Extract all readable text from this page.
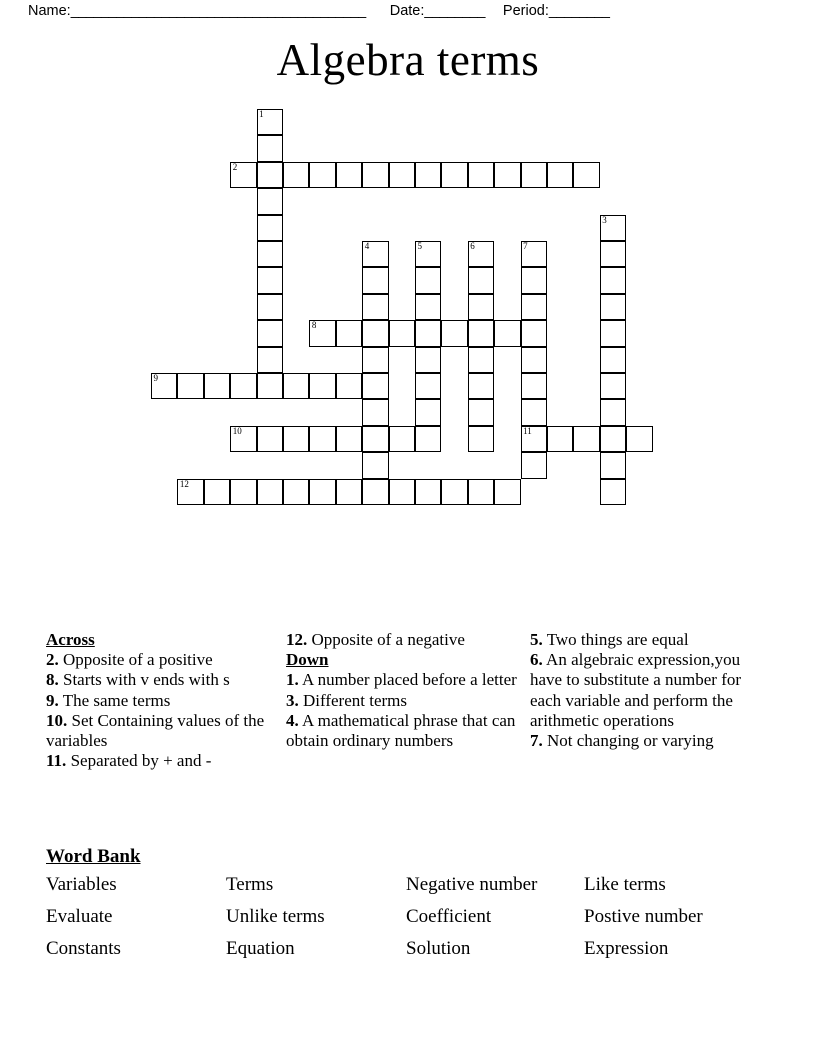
Name:_______________________________________ Date:________ Period:________
Algebra terms
1
2
3
4	5	6	7
11
8
9
10
12
Across
2. Opposite of a positive
8. Starts with v ends with s
9. The same terms
10. Set Containing values of the variables
11. Separated by + and -
12. Opposite of a negative
Down
1. A number placed before a letter
3. Different terms
4. A mathematical phrase that can obtain ordinary numbers
5. Two things are equal
6. An algebraic expression,you have to substitute a number for each variable and perform the arithmetic operations
7. Not changing or varying
Word Bank
Variables	Terms	Negative number	Like terms
Evaluate	Unlike terms	Coefficient	Postive number
Constants	Equation	Solution	Expression
